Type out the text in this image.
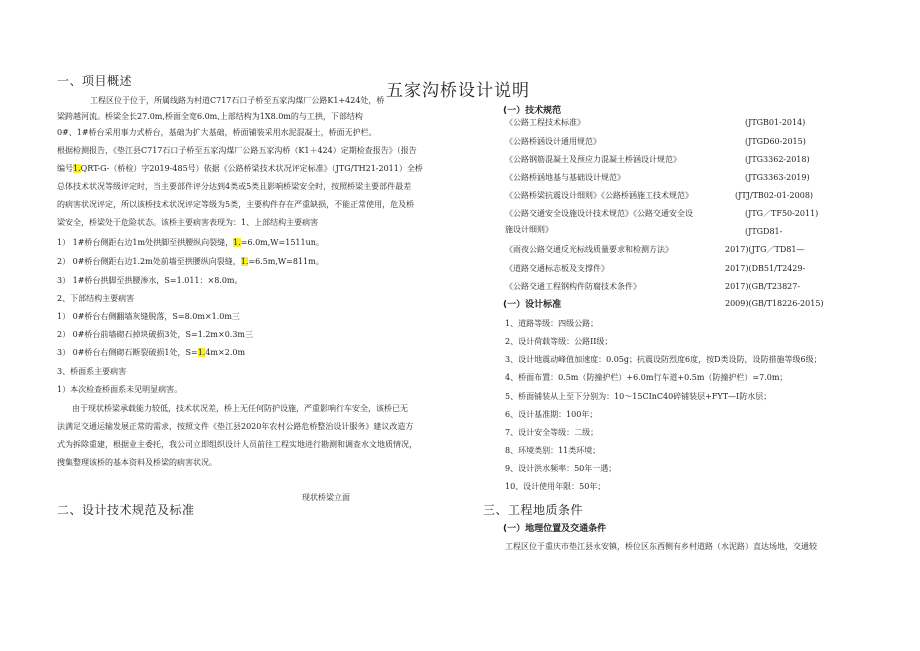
五家沟桥设计说明
一、项目概述
工程区位于位于，所属线路为村道C717石口子桥至五家沟煤厂公路K1+424处，桥
梁跨越河流。桥梁全长27.0m,桥面全宽6.0m,上部结构为1X8.0m的与工拱，下部结构
0#、1#桥台采用事力式桥台，基础为扩大基础，桥面铺装采用水泥混凝土，桥面无护栏。
根据检测报告，《垫江县C717石口子桥至五家沟煤厂公路五家沟桥（K1＋424）定期检查报告》（报告
编号1.QRT-G-（桥检）字2019-485号）依据《公路桥梁技术状况评定标准》（JTG/TH21-2011）全桥
总体技术状况等级评定时，当主要部件评分达到4类或5类且影响桥梁安全时，按照桥梁主要部件最差
的病害状况评定，所以该桥技术状况评定等级为5类，主要构件存在严重缺损，不能正常使用，危及桥
梁安全，桥梁处于危险状态。该桥主要病害表现为：1、上部结构主要病害
1） 1#桥台侧距右边1m处拱脚至拱腰纵向裂缝，1.=6.0m,W=1511un。
2） 0#桥台侧距右边1.2m处前墙至拱腰纵向裂缝，1.=6.5m,W=811m。
3） 1#桥台拱脚至拱腰渗水，S=1.011：×8.0m。
2、下部结构主要病害
1） 0#桥台右侧翻墙灰缝脱落，S=8.0m×1.0m三
2） 0#桥台前墙砌石掉块破损3处，S=1.2m×0.3m三
3） 0#桥台右侧砌石断裂破损1处，S=1.4m×2.0m
3、桥面系主要病害
1）本次检查桥面系未见明显病害。
由于现状桥梁承载能力较低，技术状况差，桥上无任何防护设施，严重影响行车安全，该桥已无
法满足交通运输发展正常的需求，按照文件《垫江县2020年农村公路危桥整治设计服务》建议改造方
式为拆除重建，根据业主委托，我公司立即组织设计人员前往工程实地进行勘测和调查水文地质情况，
搜集整理该桥的基本资料及桥梁的病害状况。
现状桥梁立面
二、设计技术规范及标准
(一）技术规范
《公路工程技术标准》	(JTGB01-2014)
《公路桥涵设计通用规范》	(JTGD60-2015)
《公路钢筋混凝土及预应力混凝土桥涵设计规范》	(JTG3362-2018)
《公路桥涵地基与基础设计规范》	(JTG3363-2019)
《公路桥梁抗震设计细则》《公路桥涵施工技术规范》	(JTJ/TB02-01-2008)
《公路交通安全设施设计技术规范》《公路交通安全设	(JTG／TF50-2011)
施设计细则》	(JTGD81-
《雨夜公路交通反光标线质量要求和检测方法》	2017)(JTG／TD81—
《道路交通标志板及支撑件》	2017)(DB51/T2429-
《公路交通工程钢构件防腐技术条件》	2017)(GB/T23827-
2009)(GB/T18226-2015)
(一）设计标准
1、道路等级：四级公路；
2、设计荷载等级：公路II级；
3、设计地震动峰值加速度：0.05g；抗震设防烈度6度，按D类设防，设防措施等级6级；
4、桥面布置：0.5m（防撞护栏）+6.0m行车道+0.5m（防撞护栏）=7.0m；
5、桥面铺装从上至下分别为：10～15CInC40碎铺装层+FYT—I防水层；
6、设计基准期：100年；
7、设计安全等级：二级；
8、环境类别：11类环境；
9、设计洪水频率：50年一遇；
10、设计使用年限：50年；
三、工程地质条件
(一）地理位置及交通条件
工程区位于重庆市垫江县永安镇，桥位区东西侧有乡村道路（水泥路）直达场地，交通较
